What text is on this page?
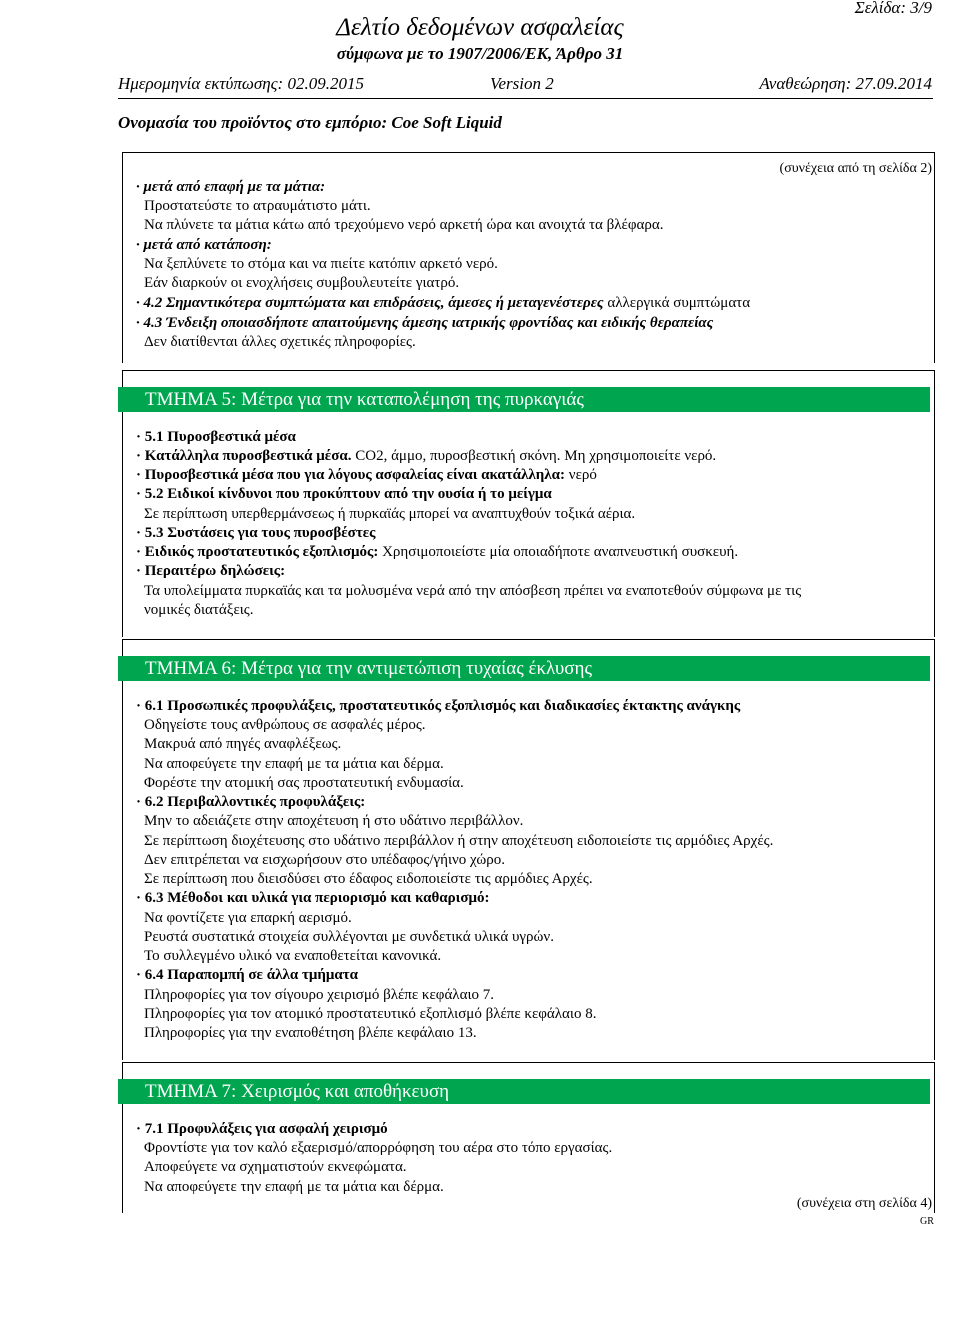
Σελίδα: 3/9
Δελτίο δεδομένων ασφαλείας
σύμφωνα με το 1907/2006/ΕΚ, Άρθρο 31
Ημερομηνία εκτύπωσης: 02.09.2015	Version 2	Αναθεώρηση: 27.09.2014
Ονομασία του προϊόντος στο εμπόριο: Coe Soft Liquid
(συνέχεια από τη σελίδα 2)
· μετά από επαφή με τα μάτια:
Προστατεύστε το ατραυμάτιστο μάτι.
Να πλύνετε τα μάτια κάτω από τρεχούμενο νερό αρκετή ώρα και ανοιχτά τα βλέφαρα.
· μετά από κατάποση:
Να ξεπλύνετε το στόμα και να πιείτε κατόπιν αρκετό νερό.
Εάν διαρκούν οι ενοχλήσεις συμβουλευτείτε γιατρό.
· 4.2 Σημαντικότερα συμπτώματα και επιδράσεις, άμεσες ή μεταγενέστερες αλλεργικά συμπτώματα
· 4.3 Ένδειξη οποιασδήποτε απαιτούμενης άμεσης ιατρικής φροντίδας και ειδικής θεραπείας
Δεν διατίθενται άλλες σχετικές πληροφορίες.
ΤΜΗΜΑ 5: Μέτρα για την καταπολέμηση της πυρκαγιάς
· 5.1 Πυροσβεστικά μέσα
· Κατάλληλα πυροσβεστικά μέσα. CO2, άμμο, πυροσβεστική σκόνη. Μη χρησιμοποιείτε νερό.
· Πυροσβεστικά μέσα που για λόγους ασφαλείας είναι ακατάλληλα: νερό
· 5.2 Ειδικοί κίνδυνοι που προκύπτουν από την ουσία ή το μείγμα
Σε περίπτωση υπερθερμάνσεως ή πυρκαϊάς μπορεί να αναπτυχθούν τοξικά αέρια.
· 5.3 Συστάσεις για τους πυροσβέστες
· Ειδικός προστατευτικός εξοπλισμός: Χρησιμοποιείστε μία οποιαδήποτε αναπνευστική συσκευή.
· Περαιτέρω δηλώσεις:
Τα υπολείμματα πυρκαϊάς και τα μολυσμένα νερά από την απόσβεση πρέπει να εναποτεθούν σύμφωνα με τις
νομικές διατάξεις.
ΤΜΗΜΑ 6: Μέτρα για την αντιμετώπιση τυχαίας έκλυσης
· 6.1 Προσωπικές προφυλάξεις, προστατευτικός εξοπλισμός και διαδικασίες έκτακτης ανάγκης
Οδηγείστε τους ανθρώπους σε ασφαλές μέρος.
Μακρυά από πηγές αναφλέξεως.
Να αποφεύγετε την επαφή με τα μάτια και δέρμα.
Φορέστε την ατομική σας προστατευτική ενδυμασία.
· 6.2 Περιβαλλοντικές προφυλάξεις:
Μην το αδειάζετε στην αποχέτευση ή στο υδάτινο περιβάλλον.
Σε περίπτωση διοχέτευσης στο υδάτινο περιβάλλον ή στην αποχέτευση ειδοποιείστε τις αρμόδιες Αρχές.
Δεν επιτρέπεται να εισχωρήσουν στο υπέδαφος/γήινο χώρο.
Σε περίπτωση που διεισδύσει στο έδαφος ειδοποιείστε τις αρμόδιες Αρχές.
· 6.3 Μέθοδοι και υλικά για περιορισμό και καθαρισμό:
Να φοντίζετε για επαρκή αερισμό.
Ρευστά συστατικά στοιχεία συλλέγονται με συνδετικά υλικά υγρών.
Το συλλεγμένο υλικό να εναποθετείται κανονικά.
· 6.4 Παραπομπή σε άλλα τμήματα
Πληροφορίες για τον σίγουρο χειρισμό βλέπε κεφάλαιο 7.
Πληροφορίες για τον ατομικό προστατευτικό εξοπλισμό βλέπε κεφάλαιο 8.
Πληροφορίες για την εναποθέτηση βλέπε κεφάλαιο 13.
ΤΜΗΜΑ 7: Χειρισμός και αποθήκευση
· 7.1 Προφυλάξεις για ασφαλή χειρισμό
Φροντίστε για τον καλό εξαερισμό/απορρόφηση του αέρα στο τόπο εργασίας.
Αποφεύγετε να σχηματιστούν εκνεφώματα.
Να αποφεύγετε την επαφή με τα μάτια και δέρμα.
(συνέχεια στη σελίδα 4)
GR
